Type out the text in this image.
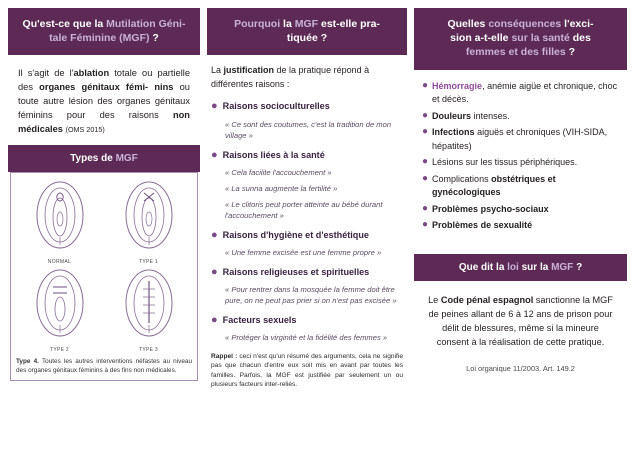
Qu'est-ce que la Mutilation Géni-
tale Féminine (MGF) ?
Il s'agit de l'ablation totale ou partielle des organes génitaux fémi- nins ou toute autre lésion des organes génitaux féminins pour des raisons non médicales (OMS 2015)
Types de MGF
NORMAL	TYPE 1
TYPE 2	TYPE 3
Type 4. Toutes les autres interventions néfastes au niveau des organes génitaux féminins à des fins non médicales.
Pourquoi la MGF est-elle pra-
tiquée ?
La justification de la pratique répond à différentes raisons :
● Raisons socioculturelles
« Ce sont des coutumes, c'est la tradition de mon village »
● Raisons liées à la santé
« Cela facilite l'accouchement »
« La sunna augmente la fertilité »
« Le clitoris peut porter atteinte au bébé durant l'accouchement »
● Raisons d'hygiène et d'esthétique
« Une femme excisée est une femme propre »
● Raisons religieuses et spirituelles
« Pour rentrer dans la mosquée la femme doit être pure, on ne peut pas prier si on n'est pas excisée »
● Facteurs sexuels
« Protéger la virginité et la fidélité des femmes »
Rappel : ceci n'est qu'un résumé des arguments, cela ne signifie pas que chacun d'entre eux soit mis en avant par toutes les familles. Parfois, la MGF est justifiée par seulement un ou plusieurs facteurs inter-reliés.
Quelles conséquences l'exci-
sion a-t-elle sur la santé des
femmes et des filles ?
● Hémorragie, anémie aigüe et chronique, choc et décès.
● Douleurs intenses.
● Infections aiguës et chroniques (VIH-SIDA, hépatites)
● Lésions sur les tissus périphériques.
● Complications obstétriques et gynécologiques
● Problèmes psycho-sociaux
● Problèmes de sexualité
Que dit la loi sur la MGF ?
Le Code pénal espagnol sanctionne la MGF de peines allant de 6 à 12 ans de prison pour délit de blessures, même si la mineure consent à la réalisation de cette pratique.
Loi organique 11/2003. Art. 149.2
